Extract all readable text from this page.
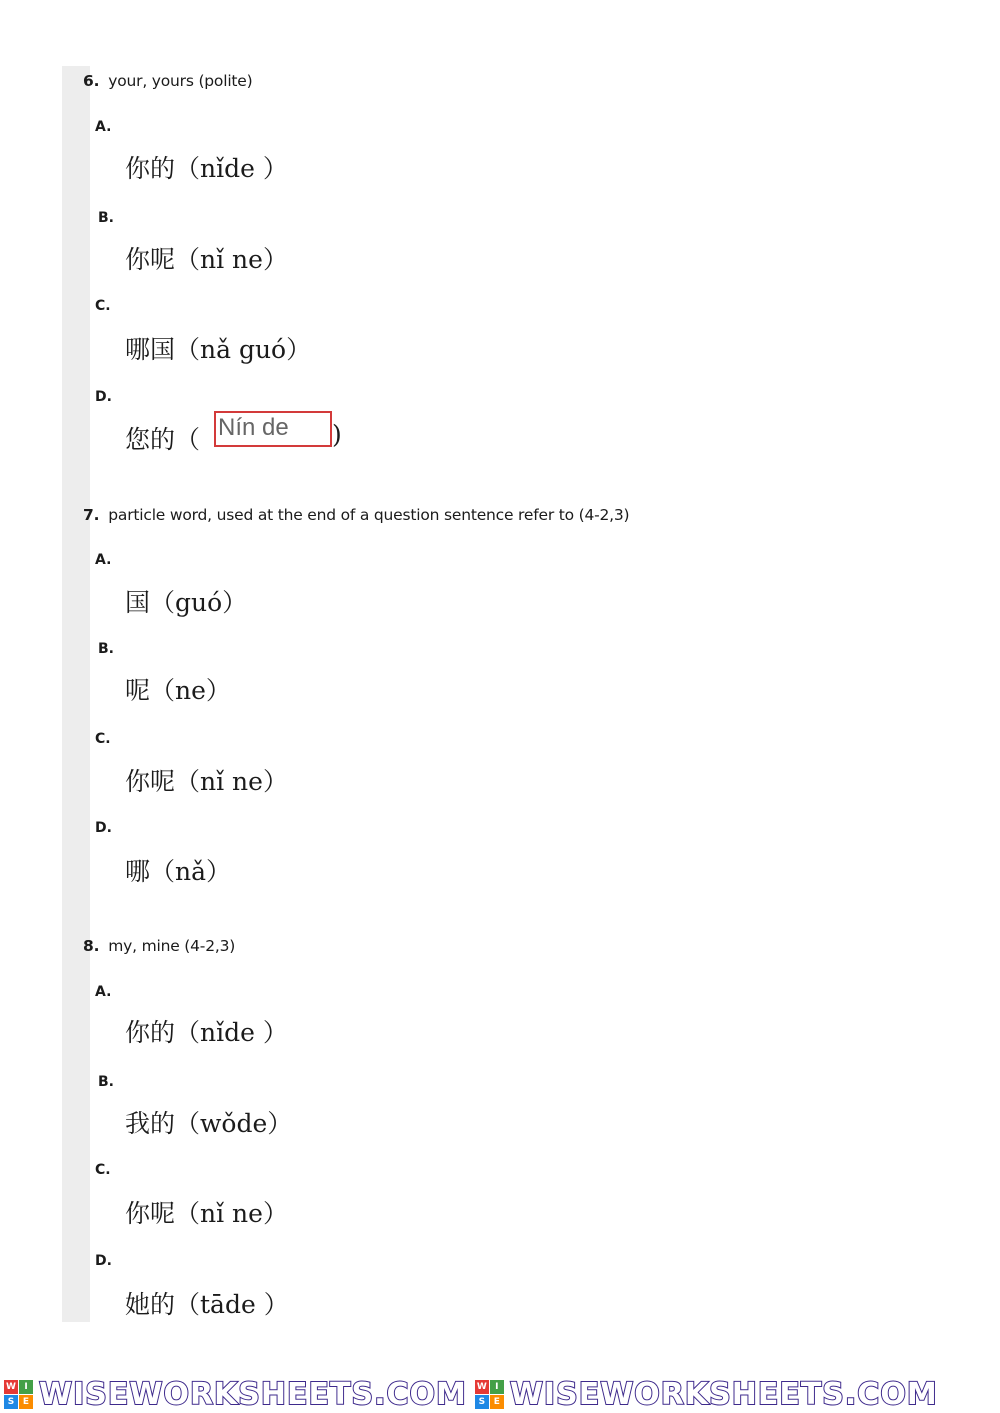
6. your, yours (polite)
A.
你的（nǐde ）
B.
你呢（nǐ ne）
C.
哪国（nǎ guó）
D.
您的（ Nín de	)
7. particle word, used at the end of a question sentence refer to (4-2,3)
A.
国（guó）
B.
呢（ne）
C.
你呢（nǐ ne）
D.
哪（nǎ）
8. my, mine (4-2,3)
A.
你的（nǐde ）
B.
我的（wǒde）
C.
你呢（nǐ ne）
D.
她的（tāde ）
W I
S E WISEWORKSHEETS.COM W I
S E WISEWORKSHEETS.COM
